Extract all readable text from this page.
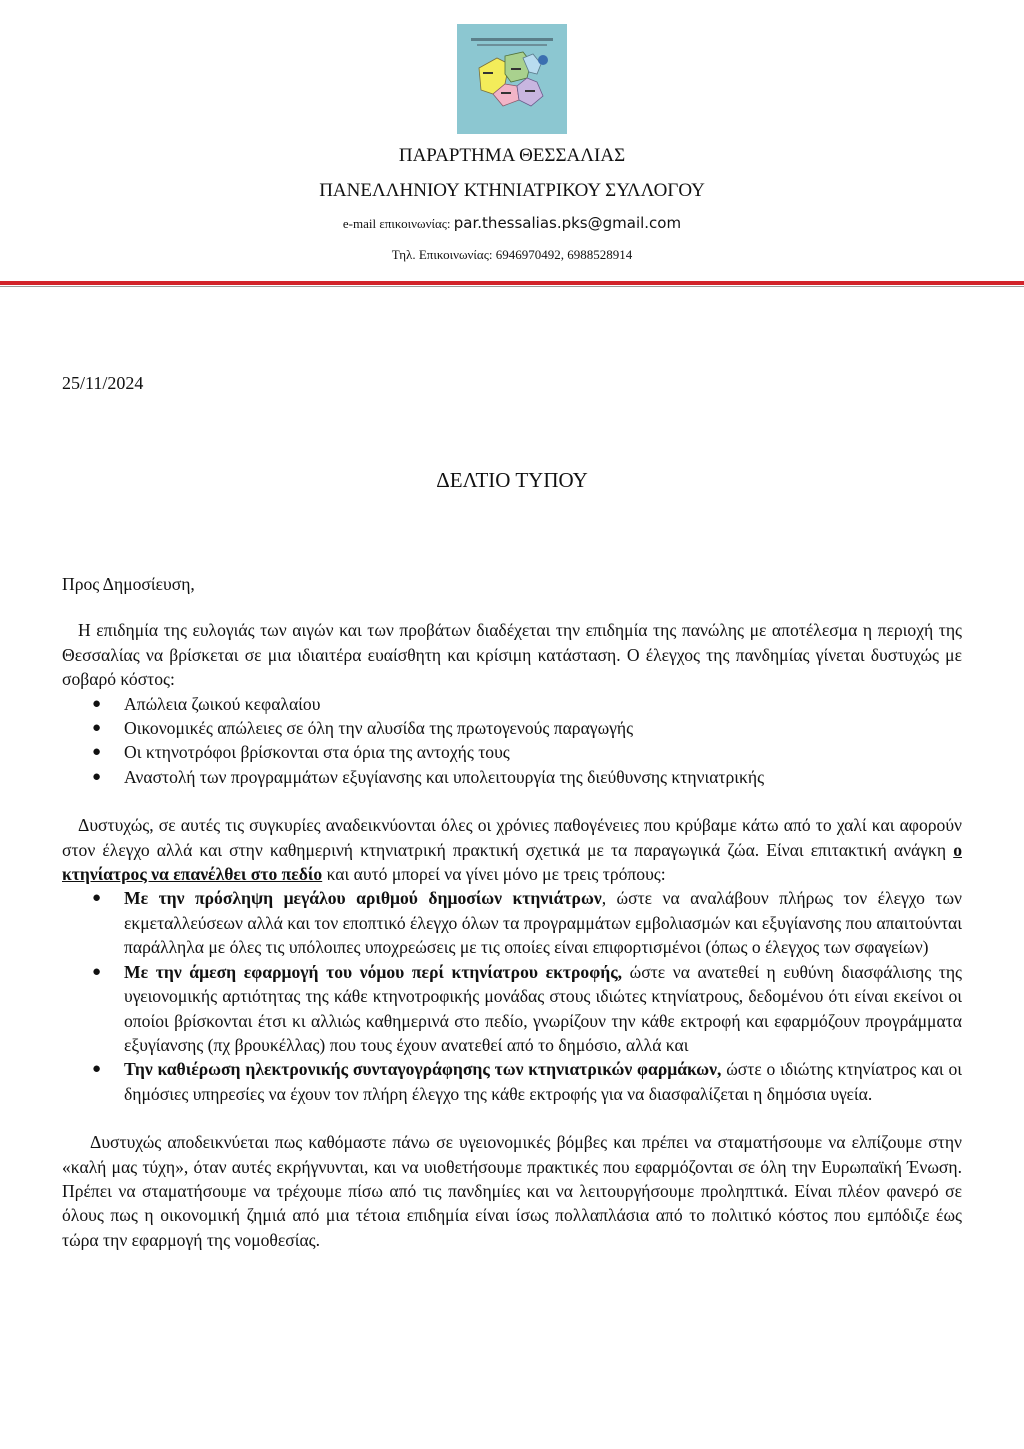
ΠΑΡΑΡΤΗΜΑ ΘΕΣΣΑΛΙΑΣ
ΠΑΝΕΛΛΗΝΙΟΥ ΚΤΗΝΙΑΤΡΙΚΟΥ ΣΥΛΛΟΓΟΥ
e-mail επικοινωνίας: par.thessalias.pks@gmail.com
Τηλ. Επικοινωνίας: 6946970492, 6988528914
25/11/2024
ΔΕΛΤΙΟ ΤΥΠΟΥ

Προς Δημοσίευση,

Η επιδημία της ευλογιάς των αιγών και των προβάτων διαδέχεται την επιδημία της πανώλης με αποτέλεσμα η περιοχή της Θεσσαλίας να βρίσκεται σε μια ιδιαιτέρα ευαίσθητη και κρίσιμη κατάσταση. Ο έλεγχος της πανδημίας γίνεται δυστυχώς με σοβαρό κόστος:

● Απώλεια ζωικού κεφαλαίου
● Οικονομικές απώλειες σε όλη την αλυσίδα της πρωτογενούς παραγωγής
● Οι κτηνοτρόφοι βρίσκονται στα όρια της αντοχής τους
● Αναστολή των προγραμμάτων εξυγίανσης και υπολειτουργία της διεύθυνσης κτηνιατρικής

Δυστυχώς, σε αυτές τις συγκυρίες αναδεικνύονται όλες οι χρόνιες παθογένειες που κρύβαμε κάτω από το χαλί και αφορούν στον έλεγχο αλλά και στην καθημερινή κτηνιατρική πρακτική σχετικά με τα παραγωγικά ζώα. Είναι επιτακτική ανάγκη ο κτηνίατρος να επανέλθει στο πεδίο και αυτό μπορεί να γίνει μόνο με τρεις τρόπους:

● Με την πρόσληψη μεγάλου αριθμού δημοσίων κτηνιάτρων, ώστε να αναλάβουν πλήρως τον έλεγχο των εκμεταλλεύσεων αλλά και τον εποπτικό έλεγχο όλων τα προγραμμάτων εμβολιασμών και εξυγίανσης που απαιτούνται παράλληλα με όλες τις υπόλοιπες υποχρεώσεις με τις οποίες είναι επιφορτισμένοι (όπως ο έλεγχος των σφαγείων)
● Με την άμεση εφαρμογή του νόμου περί κτηνίατρου εκτροφής, ώστε να ανατεθεί η ευθύνη διασφάλισης της υγειονομικής αρτιότητας της κάθε κτηνοτροφικής μονάδας στους ιδιώτες κτηνίατρους, δεδομένου ότι είναι εκείνοι οι οποίοι βρίσκονται έτσι κι αλλιώς καθημερινά στο πεδίο, γνωρίζουν την κάθε εκτροφή και εφαρμόζουν προγράμματα εξυγίανσης (πχ βρουκέλλας) που τους έχουν ανατεθεί από το δημόσιο, αλλά και
● Την καθιέρωση ηλεκτρονικής συνταγογράφησης των κτηνιατρικών φαρμάκων, ώστε ο ιδιώτης κτηνίατρος και οι δημόσιες υπηρεσίες να έχουν τον πλήρη έλεγχο της κάθε εκτροφής για να διασφαλίζεται η δημόσια υγεία.

Δυστυχώς αποδεικνύεται πως καθόμαστε πάνω σε υγειονομικές βόμβες και πρέπει να σταματήσουμε να ελπίζουμε στην «καλή μας τύχη», όταν αυτές εκρήγνυνται, και να υιοθετήσουμε πρακτικές που εφαρμόζονται σε όλη την Ευρωπαϊκή Ένωση. Πρέπει να σταματήσουμε να τρέχουμε πίσω από τις πανδημίες και να λειτουργήσουμε προληπτικά. Είναι πλέον φανερό σε όλους πως η οικονομική ζημιά από μια τέτοια επιδημία είναι ίσως πολλαπλάσια από το πολιτικό κόστος που εμπόδιζε έως τώρα την εφαρμογή της νομοθεσίας.
